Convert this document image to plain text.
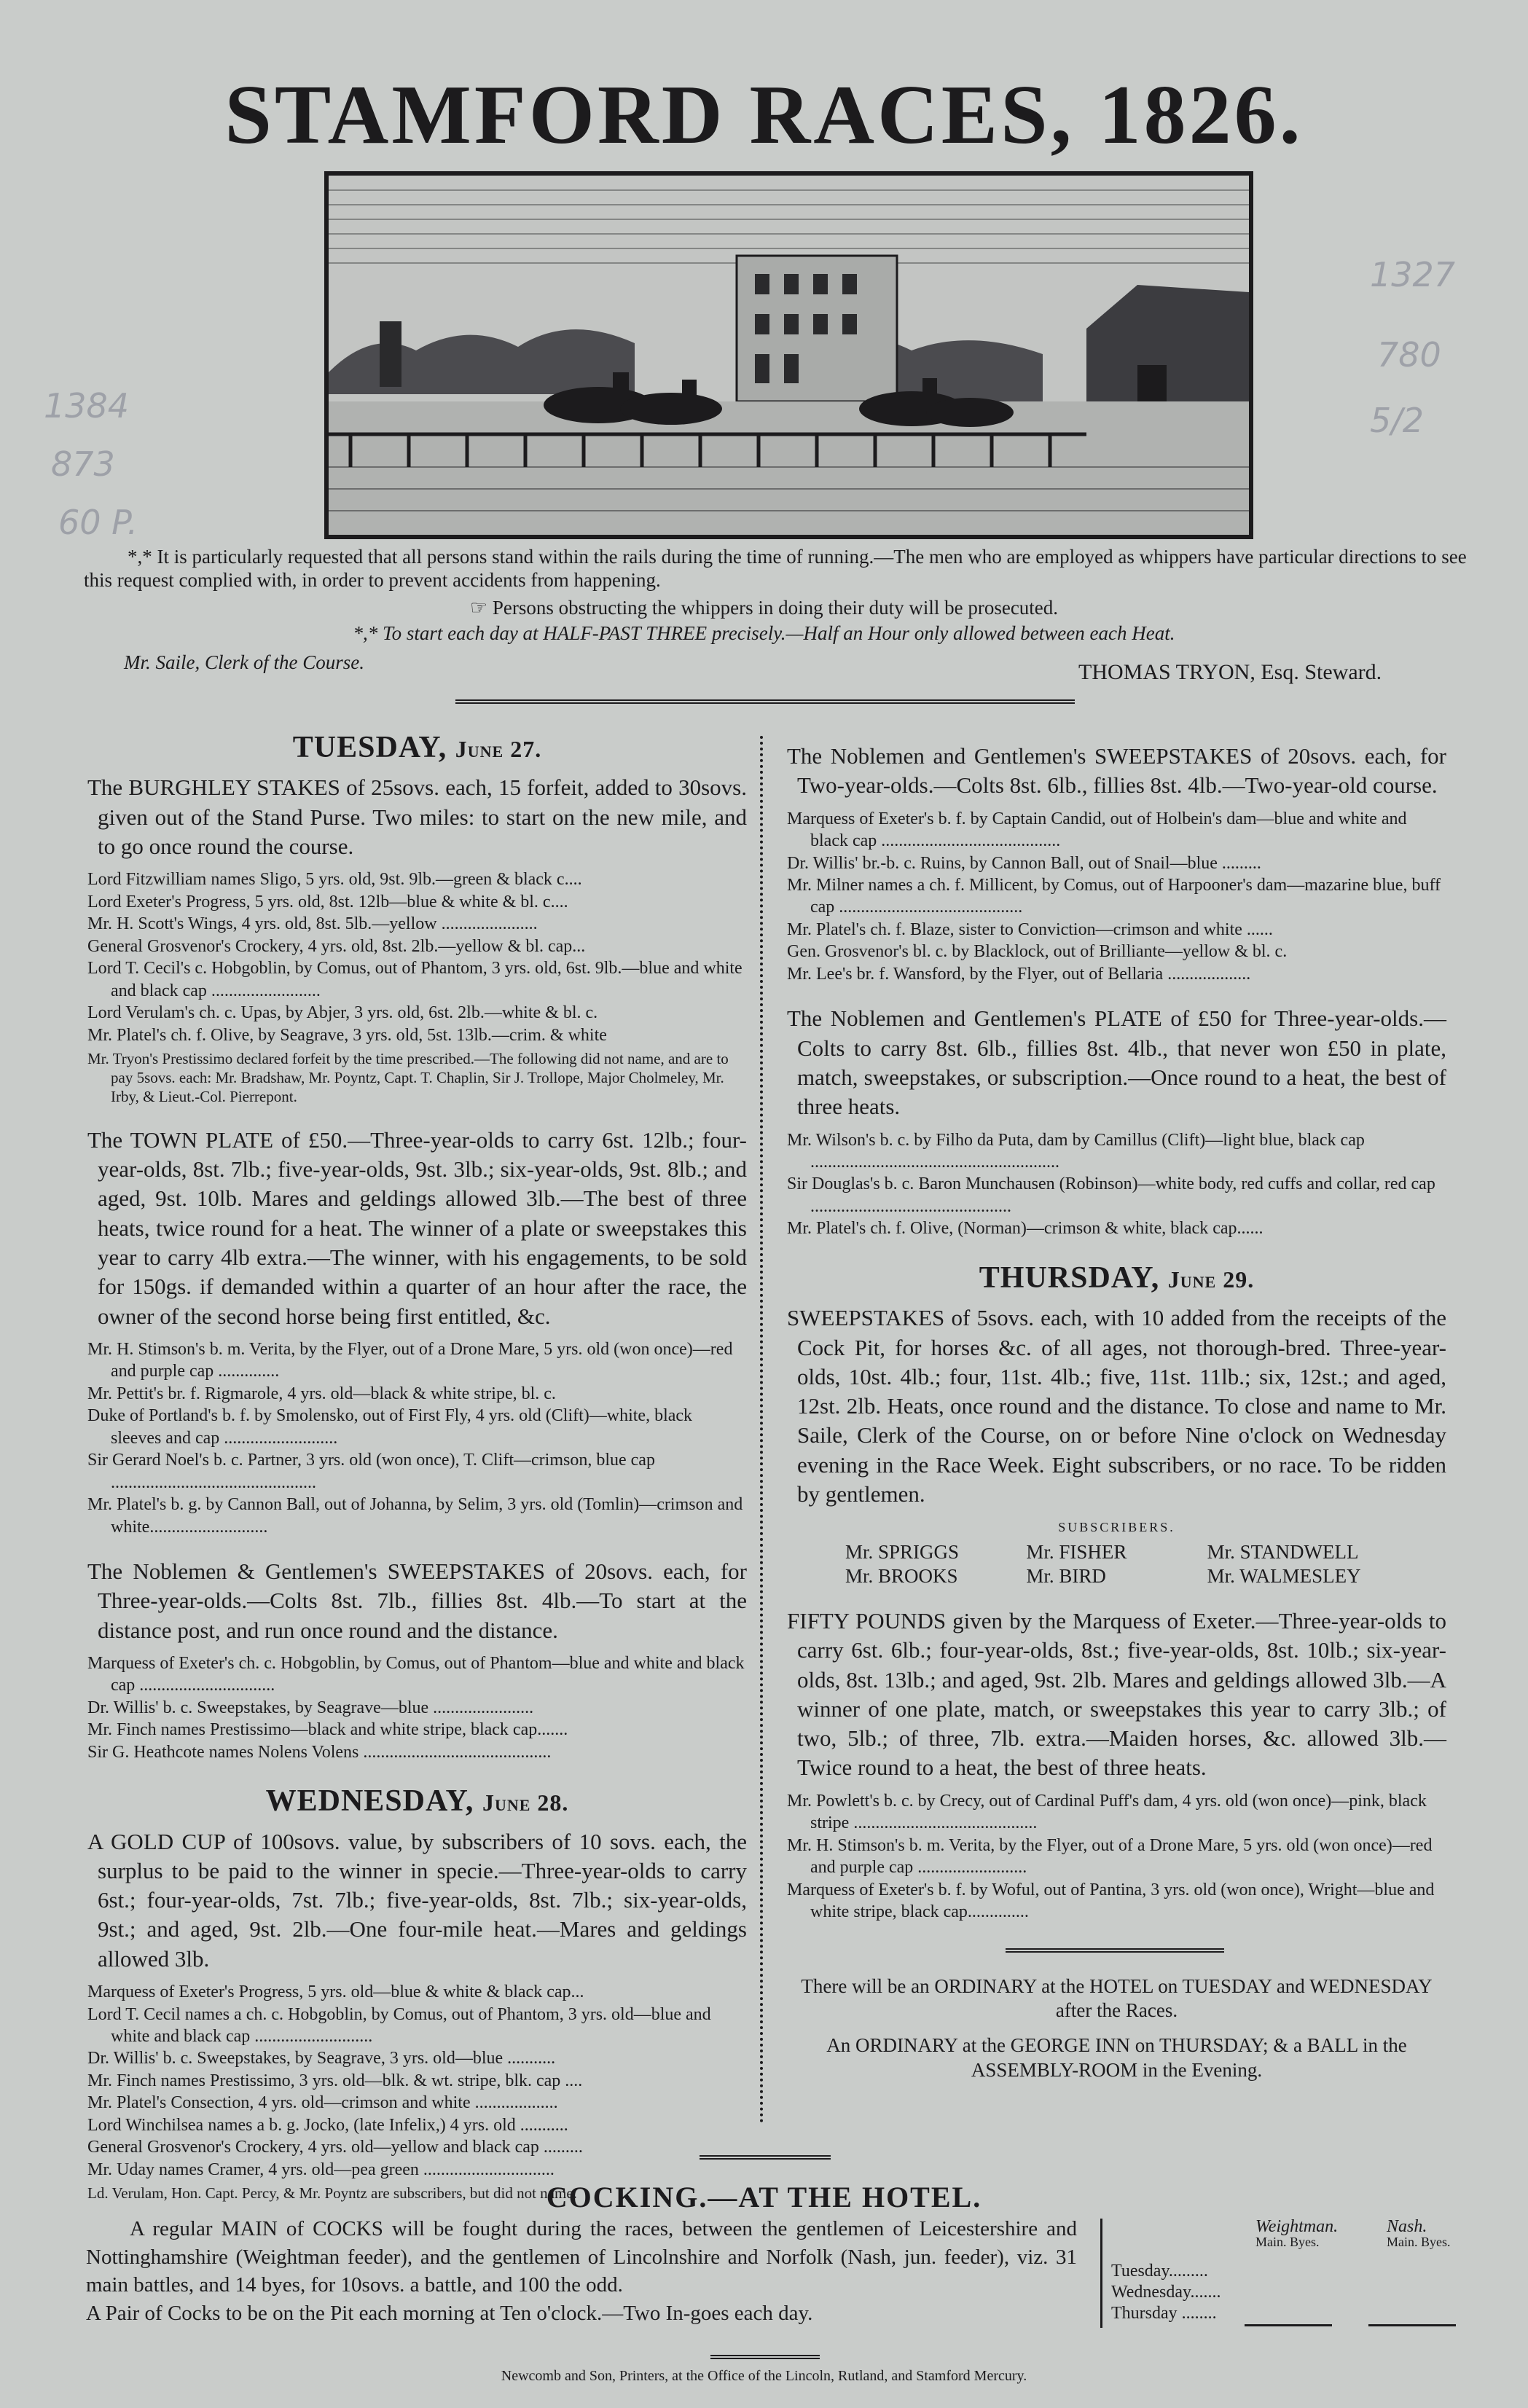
STAMFORD RACES, 1826.
*,* It is particularly requested that all persons stand within the rails during the time of running.—The men who are employed as whippers have particular directions to see this request complied with, in order to prevent accidents from happening.
☞ Persons obstructing the whippers in doing their duty will be prosecuted.
*,* To start each day at HALF-PAST THREE precisely.—Half an Hour only allowed between each Heat.
Mr. Saile, Clerk of the Course.	THOMAS TRYON, Esq. Steward.
TUESDAY, June 27.
The BURGHLEY STAKES of 25sovs. each, 15 forfeit, added to 30sovs. given out of the Stand Purse. Two miles: to start on the new mile, and to go once round the course.
Lord Fitzwilliam names Sligo, 5 yrs. old, 9st. 9lb.—green & black c....
Lord Exeter's Progress, 5 yrs. old, 8st. 12lb—blue & white & bl. c....
Mr. H. Scott's Wings, 4 yrs. old, 8st. 5lb.—yellow ......................
General Grosvenor's Crockery, 4 yrs. old, 8st. 2lb.—yellow & bl. cap...
Lord T. Cecil's c. Hobgoblin, by Comus, out of Phantom, 3 yrs. old, 6st. 9lb.—blue and white and black cap .........................
Lord Verulam's ch. c. Upas, by Abjer, 3 yrs. old, 6st. 2lb.—white & bl. c.
Mr. Platel's ch. f. Olive, by Seagrave, 3 yrs. old, 5st. 13lb.—crim. & white
Mr. Tryon's Prestissimo declared forfeit by the time prescribed.—The following did not name, and are to pay 5sovs. each: Mr. Bradshaw, Mr. Poyntz, Capt. T. Chaplin, Sir J. Trollope, Major Cholmeley, Mr. Irby, & Lieut.-Col. Pierrepont.
The TOWN PLATE of £50.—Three-year-olds to carry 6st. 12lb.; four-year-olds, 8st. 7lb.; five-year-olds, 9st. 3lb.; six-year-olds, 9st. 8lb.; and aged, 9st. 10lb. Mares and geldings allowed 3lb.—The best of three heats, twice round for a heat. The winner of a plate or sweepstakes this year to carry 4lb extra.—The winner, with his engagements, to be sold for 150gs. if demanded within a quarter of an hour after the race, the owner of the second horse being first entitled, &c.
Mr. H. Stimson's b. m. Verita, by the Flyer, out of a Drone Mare, 5 yrs. old (won once)—red and purple cap ..............
Mr. Pettit's br. f. Rigmarole, 4 yrs. old—black & white stripe, bl. c.
Duke of Portland's b. f. by Smolensko, out of First Fly, 4 yrs. old (Clift)—white, black sleeves and cap ..........................
Sir Gerard Noel's b. c. Partner, 3 yrs. old (won once), T. Clift—crimson, blue cap ...............................................
Mr. Platel's b. g. by Cannon Ball, out of Johanna, by Selim, 3 yrs. old (Tomlin)—crimson and white...........................
The Noblemen & Gentlemen's SWEEPSTAKES of 20sovs. each, for Three-year-olds.—Colts 8st. 7lb., fillies 8st. 4lb.—To start at the distance post, and run once round and the distance.
Marquess of Exeter's ch. c. Hobgoblin, by Comus, out of Phantom—blue and white and black cap ...............................
Dr. Willis' b. c. Sweepstakes, by Seagrave—blue .......................
Mr. Finch names Prestissimo—black and white stripe, black cap.......
Sir G. Heathcote names Nolens Volens ...........................................
WEDNESDAY, June 28.
A GOLD CUP of 100sovs. value, by subscribers of 10 sovs. each, the surplus to be paid to the winner in specie.—Three-year-olds to carry 6st.; four-year-olds, 7st. 7lb.; five-year-olds, 8st. 7lb.; six-year-olds, 9st.; and aged, 9st. 2lb.—One four-mile heat.—Mares and geldings allowed 3lb.
Marquess of Exeter's Progress, 5 yrs. old—blue & white & black cap...
Lord T. Cecil names a ch. c. Hobgoblin, by Comus, out of Phantom, 3 yrs. old—blue and white and black cap ...........................
Dr. Willis' b. c. Sweepstakes, by Seagrave, 3 yrs. old—blue ...........
Mr. Finch names Prestissimo, 3 yrs. old—blk. & wt. stripe, blk. cap ....
Mr. Platel's Consection, 4 yrs. old—crimson and white ...................
Lord Winchilsea names a b. g. Jocko, (late Infelix,) 4 yrs. old ...........
General Grosvenor's Crockery, 4 yrs. old—yellow and black cap .........
Mr. Uday names Cramer, 4 yrs. old—pea green ..............................
Ld. Verulam, Hon. Capt. Percy, & Mr. Poyntz are subscribers, but did not name.
The Noblemen and Gentlemen's SWEEPSTAKES of 20sovs. each, for Two-year-olds.—Colts 8st. 6lb., fillies 8st. 4lb.—Two-year-old course.
Marquess of Exeter's b. f. by Captain Candid, out of Holbein's dam—blue and white and black cap .........................................
Dr. Willis' br.-b. c. Ruins, by Cannon Ball, out of Snail—blue .........
Mr. Milner names a ch. f. Millicent, by Comus, out of Harpooner's dam—mazarine blue, buff cap ..........................................
Mr. Platel's ch. f. Blaze, sister to Conviction—crimson and white ......
Gen. Grosvenor's bl. c. by Blacklock, out of Brilliante—yellow & bl. c.
Mr. Lee's br. f. Wansford, by the Flyer, out of Bellaria ...................
The Noblemen and Gentlemen's PLATE of £50 for Three-year-olds.—Colts to carry 8st. 6lb., fillies 8st. 4lb., that never won £50 in plate, match, sweepstakes, or subscription.—Once round to a heat, the best of three heats.
Mr. Wilson's b. c. by Filho da Puta, dam by Camillus (Clift)—light blue, black cap .........................................................
Sir Douglas's b. c. Baron Munchausen (Robinson)—white body, red cuffs and collar, red cap ..............................................
Mr. Platel's ch. f. Olive, (Norman)—crimson & white, black cap......
THURSDAY, June 29.
SWEEPSTAKES of 5sovs. each, with 10 added from the receipts of the Cock Pit, for horses &c. of all ages, not thorough-bred. Three-year-olds, 10st. 4lb.; four, 11st. 4lb.; five, 11st. 11lb.; six, 12st.; and aged, 12st. 2lb. Heats, once round and the distance. To close and name to Mr. Saile, Clerk of the Course, on or before Nine o'clock on Wednesday evening in the Race Week. Eight subscribers, or no race. To be ridden by gentlemen.
SUBSCRIBERS.
Mr. SPRIGGS	Mr. FISHER	Mr. STANDWELL
Mr. BROOKS	Mr. BIRD	Mr. WALMESLEY
FIFTY POUNDS given by the Marquess of Exeter.—Three-year-olds to carry 6st. 6lb.; four-year-olds, 8st.; five-year-olds, 8st. 10lb.; six-year-olds, 8st. 13lb.; and aged, 9st. 2lb. Mares and geldings allowed 3lb.—A winner of one plate, match, or sweepstakes this year to carry 3lb.; of two, 5lb.; of three, 7lb. extra.—Maiden horses, &c. allowed 3lb.—Twice round to a heat, the best of three heats.
Mr. Powlett's b. c. by Crecy, out of Cardinal Puff's dam, 4 yrs. old (won once)—pink, black stripe ..........................................
Mr. H. Stimson's b. m. Verita, by the Flyer, out of a Drone Mare, 5 yrs. old (won once)—red and purple cap .........................
Marquess of Exeter's b. f. by Woful, out of Pantina, 3 yrs. old (won once), Wright—blue and white stripe, black cap..............
There will be an ORDINARY at the HOTEL on TUESDAY and WEDNESDAY after the Races.
An ORDINARY at the GEORGE INN on THURSDAY; & a BALL in the ASSEMBLY-ROOM in the Evening.
COCKING.—AT THE HOTEL.
A regular MAIN of COCKS will be fought during the races, between the gentlemen of Leicestershire and Nottinghamshire (Weightman feeder), and the gentlemen of Lincolnshire and Norfolk (Nash, jun. feeder), viz. 31 main battles, and 14 byes, for 10sovs. a battle, and 100 the odd.
A Pair of Cocks to be on the Pit each morning at Ten o'clock.—Two In-goes each day.
Weightman.	Nash.
Main. Byes.	Main. Byes.
Tuesday.........
Wednesday.......
Thursday ........
Newcomb and Son, Printers, at the Office of the Lincoln, Rutland, and Stamford Mercury.
1384
873
60 P.
1327
780
5/2
